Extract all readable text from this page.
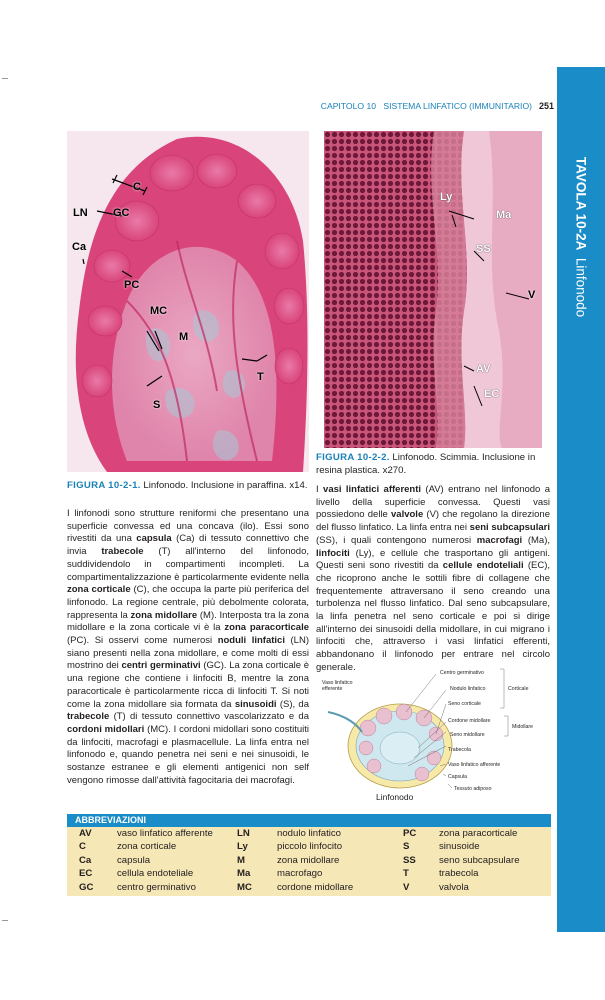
CAPITOLO 10 SISTEMA LINFATICO (IMMUNITARIO) 251
TAVOLA 10-2A  Linfonodo
C
LN GC
Ca
PC
MC
M
T
S
Ly
Ma
SS
V
AV
EC
FIGURA 10-2-1. Linfonodo. Inclusione in paraffina. x14.
FIGURA 10-2-2. Linfonodo. Scimmia. Inclusione in resina plastica. x270.

I linfonodi sono strutture reniformi che presentano una superficie convessa ed una concava (ilo). Essi sono rivestiti da una capsula (Ca) di tessuto connettivo che invia trabecole (T) all'interno del linfonodo, suddividendolo in compartimenti incompleti. La compartimentalizzazione è particolarmente evidente nella zona corticale (C), che occupa la parte più periferica del linfonodo. La regione centrale, più debolmente colorata, rappresenta la zona midollare (M). Interposta tra la zona midollare e la zona corticale vi è la zona paracorticale (PC). Si osservi come numerosi noduli linfatici (LN) siano presenti nella zona midollare, e come molti di essi mostrino dei centri germinativi (GC). La zona corticale è una regione che contiene i linfociti B, mentre la zona paracorticale è particolarmente ricca di linfociti T. Si noti come la zona midollare sia formata da sinusoidi (S), da trabecole (T) di tessuto connettivo vascolarizzato e da cordoni midollari (MC). I cordoni midollari sono costituiti da linfociti, macrofagi e plasmacellule. La linfa entra nel linfonodo e, quando penetra nei seni e nei sinusoidi, le sostanze estranee e gli elementi antigenici non self vengono rimosse dall'attività fagocitaria dei macrofagi.

I vasi linfatici afferenti (AV) entrano nel linfonodo a livello della superficie convessa. Questi vasi possiedono delle valvole (V) che regolano la direzione del flusso linfatico. La linfa entra nei seni subcapsulari (SS), i quali contengono numerosi macrofagi (Ma), linfociti (Ly), e cellule che trasportano gli antigeni. Questi seni sono rivestiti da cellule endoteliali (EC), che ricoprono anche le sottili fibre di collagene che frequentemente attraversano il seno creando una turbolenza nel flusso linfatico. Dal seno subcapsulare, la linfa penetra nel seno corticale e poi si dirige all'interno dei sinusoidi della midollare, in cui migrano i linfociti che, attraverso i vasi linfatici efferenti, abbandonano il linfonodo per entrare nel circolo generale.

Vaso linfatico efferente
Centro germinativo
Nodulo linfatico
Seno corticale
Corticale
Cordone midollare
Seno midollare
Midollare
Trabecola
Vaso linfatico afferente
Capsula
Tessuto adiposo
Linfonodo
ABBREVIAZIONI
AV	vaso linfatico afferente	LN	nodulo linfatico	PC zona paracorticale
C	zona corticale	Ly	piccolo linfocito	S	sinusoide
Ca	capsula	M	zona midollare	SS seno subcapsulare
EC	cellula endoteliale	Ma	macrofago	T	trabecola
GC centro germinativo	MC	cordone midollare	V	valvola
